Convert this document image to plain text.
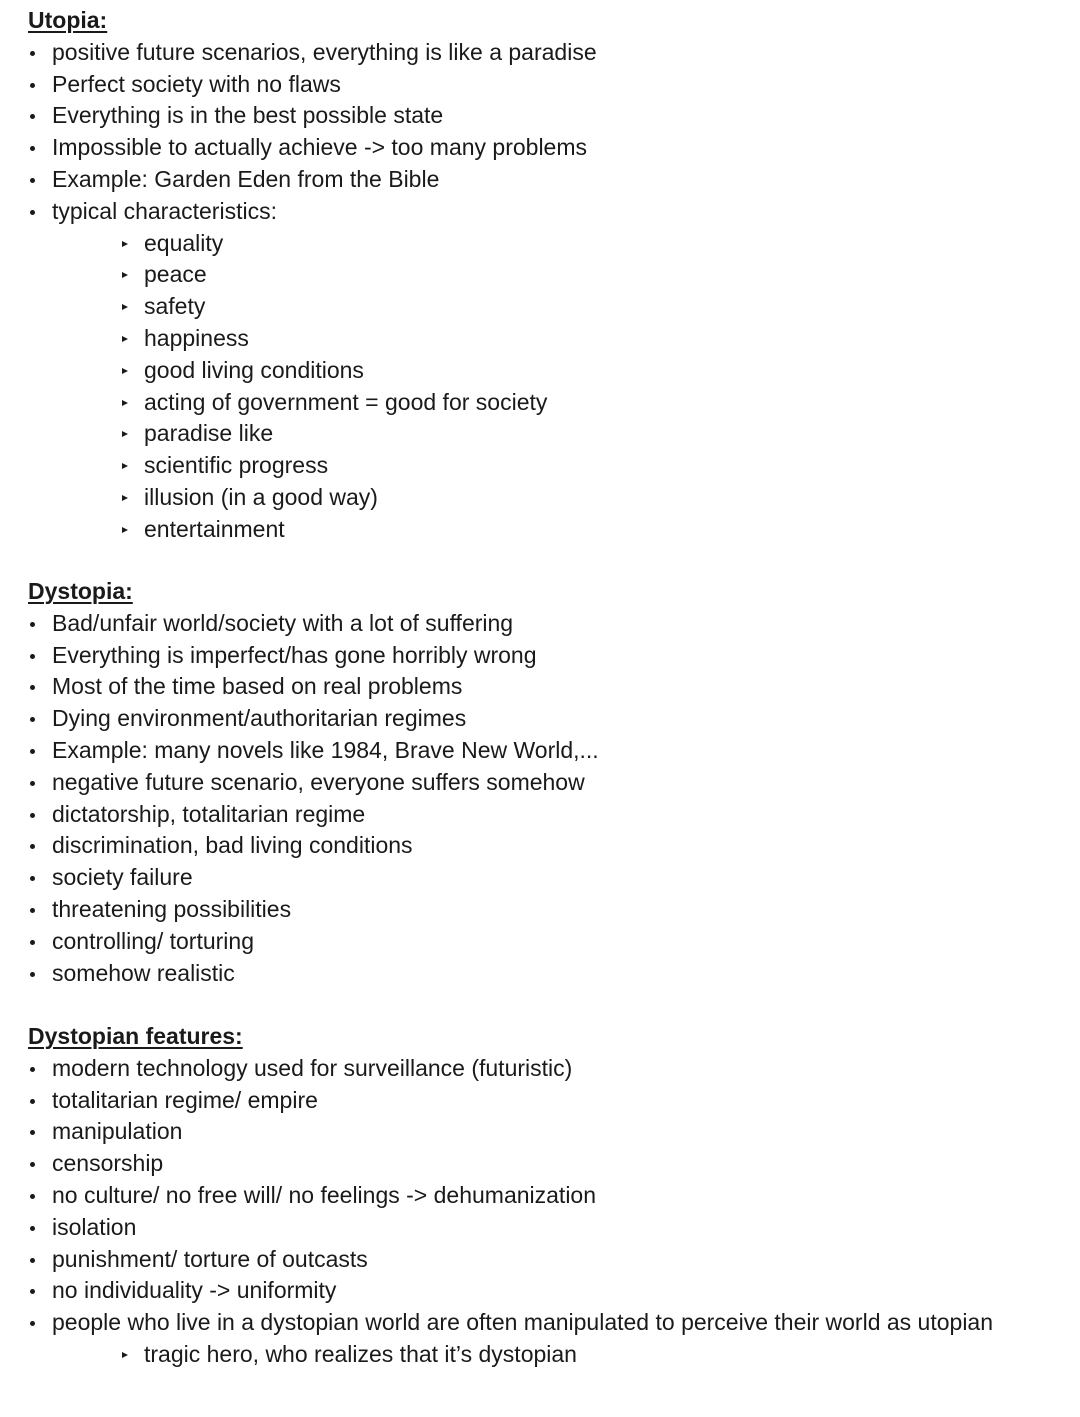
Utopia:
positive future scenarios, everything is like a paradise
Perfect society with no flaws
Everything is in the best possible state
Impossible to actually achieve -> too many problems
Example: Garden Eden from the Bible
typical characteristics:
equality
peace
safety
happiness
good living conditions
acting of government = good for society
paradise like
scientific progress
illusion (in a good way)
entertainment
Dystopia:
Bad/unfair world/society with a lot of suffering
Everything is imperfect/has gone horribly wrong
Most of the time based on real problems
Dying environment/authoritarian regimes
Example: many novels like 1984, Brave New World,...
negative future scenario, everyone suffers somehow
dictatorship, totalitarian regime
discrimination, bad living conditions
society failure
threatening possibilities
controlling/ torturing
somehow realistic
Dystopian features:
modern technology used for surveillance (futuristic)
totalitarian regime/ empire
manipulation
censorship
no culture/ no free will/ no feelings -> dehumanization
isolation
punishment/ torture of outcasts
no individuality -> uniformity
people who live in a dystopian world are often manipulated to perceive their world as utopian
tragic hero, who realizes that it’s dystopian
